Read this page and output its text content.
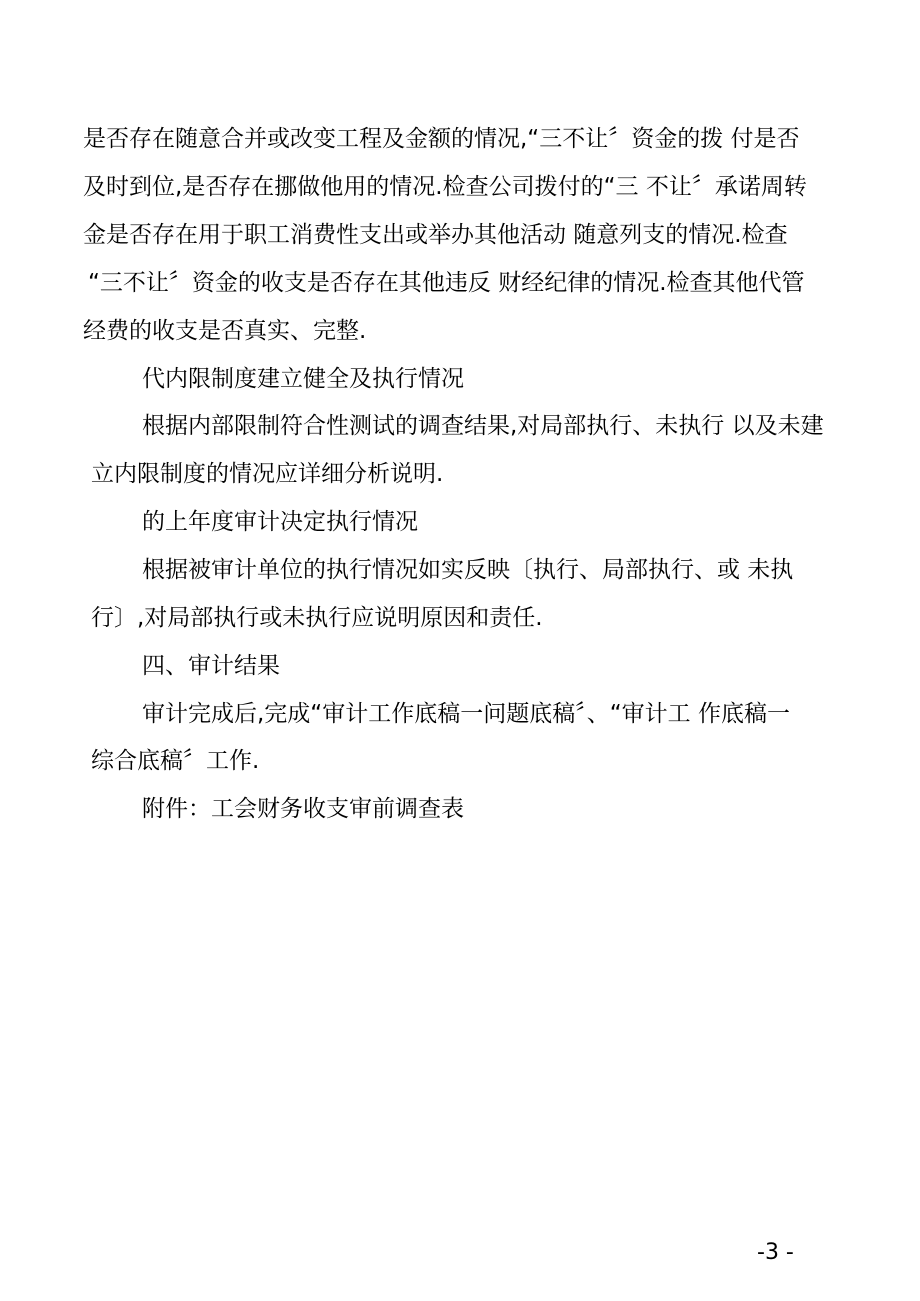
是否存在随意合并或改变工程及金额的情况,“三不让〞资金的拨 付是否
及时到位,是否存在挪做他用的情况.检查公司拨付的“三 不让〞承诺周转
金是否存在用于职工消费性支出或举办其他活动 随意列支的情况.检查
“三不让〞资金的收支是否存在其他违反 财经纪律的情况.检查其他代管
经费的收支是否真实、完整.
代内限制度建立健全及执行情况
根据内部限制符合性测试的调查结果,对局部执行、未执行 以及未建
立内限制度的情况应详细分析说明.
的上年度审计决定执行情况
根据被审计单位的执行情况如实反映〔执行、局部执行、或 未执
行〕,对局部执行或未执行应说明原因和责任.
四、审计结果
审计完成后,完成“审计工作底稿一问题底稿〞、“审计工 作底稿一
综合底稿〞工作.
附件：工会财务收支审前调查表
-3 -
